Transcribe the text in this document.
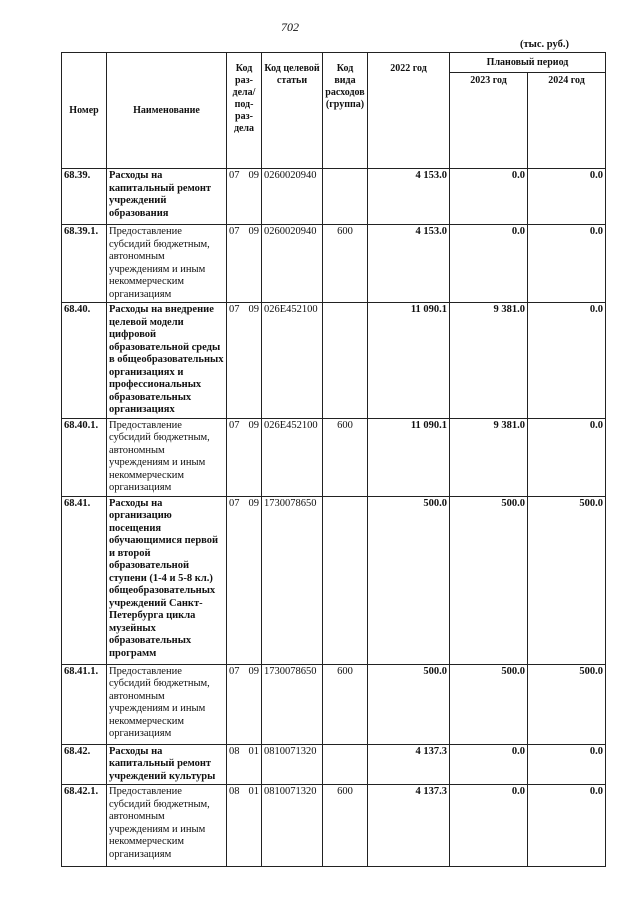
702
(тыс. руб.)
Номер	Наименование	Код раз-дела/ под-раз-дела	Код целевой статьи	Код вида расходов (группа)	2022 год	Плановый период	
						2023 год	2024 год
68.39.	Расходы на капитальный ремонт учреждений образования	07 09	0260020940		4 153.0	0.0	0.0
68.39.1.	Предоставление субсидий бюджетным, автономным учреждениям и иным некоммерческим организациям	07 09	0260020940	600	4 153.0	0.0	0.0
68.40.	Расходы на внедрение целевой модели цифровой образовательной среды в общеобразовательных организациях и профессиональных образовательных организациях	07 09	026E452100		11 090.1	9 381.0	0.0
68.40.1.	Предоставление субсидий бюджетным, автономным учреждениям и иным некоммерческим организациям	07 09	026E452100	600	11 090.1	9 381.0	0.0
68.41.	Расходы на организацию посещения обучающимися первой и второй образовательной ступени (1-4 и 5-8 кл.) общеобразовательных учреждений Санкт-Петербурга цикла музейных образовательных программ	07 09	1730078650		500.0	500.0	500.0
68.41.1.	Предоставление субсидий бюджетным, автономным учреждениям и иным некоммерческим организациям	07 09	1730078650	600	500.0	500.0	500.0
68.42.	Расходы на капитальный ремонт учреждений культуры	08 01	0810071320		4 137.3	0.0	0.0
68.42.1.	Предоставление субсидий бюджетным, автономным учреждениям и иным некоммерческим организациям	08 01	0810071320	600	4 137.3	0.0	0.0
